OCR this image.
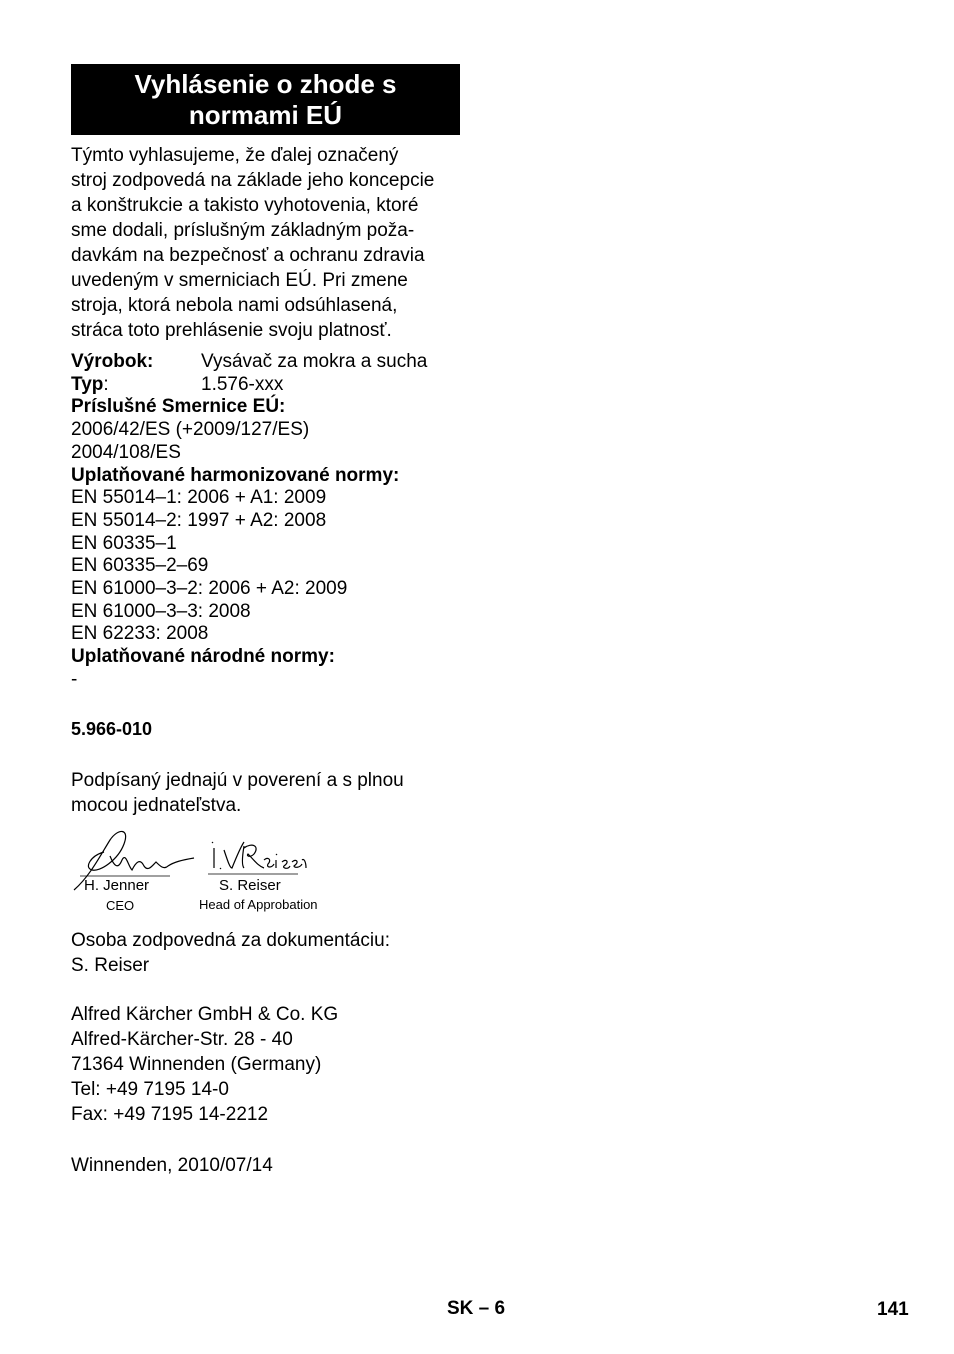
Vyhlásenie o zhode s
normami EÚ

Týmto vyhlasujeme, že ďalej označený

stroj zodpovedá na základe jeho koncepcie

a konštrukcie a takisto vyhotovenia, ktoré

sme dodali, príslušným základným poža-

davkám na bezpečnosť a ochranu zdravia

uvedeným v smerniciach EÚ. Pri zmene

stroja, ktorá nebola nami odsúhlasená,

stráca toto prehlásenie svoju platnosť.

Výrobok:	Vysávač za mokra a sucha
Typ:	1.576-xxx
Príslušné Smernice EÚ:
2006/42/ES (+2009/127/ES)
2004/108/ES
Uplatňované harmonizované normy:
EN 55014–1: 2006 + A1: 2009
EN 55014–2: 1997 + A2: 2008
EN 60335–1
EN 60335–2–69
EN 61000–3–2: 2006 + A2: 2009
EN 61000–3–3: 2008
EN 62233: 2008
Uplatňované národné normy:
-
5.966-010
Podpísaný jednajú v poverení a s plnou
mocou jednateľstva.
H. Jenner
CEO
S. Reiser
Head of Approbation
Osoba zodpovedná za dokumentáciu:
S. Reiser
Alfred Kärcher GmbH & Co. KG
Alfred-Kärcher-Str. 28 - 40
71364 Winnenden (Germany)
Tel: +49 7195 14-0
Fax: +49 7195 14-2212
Winnenden, 2010/07/14
SK – 6	141
